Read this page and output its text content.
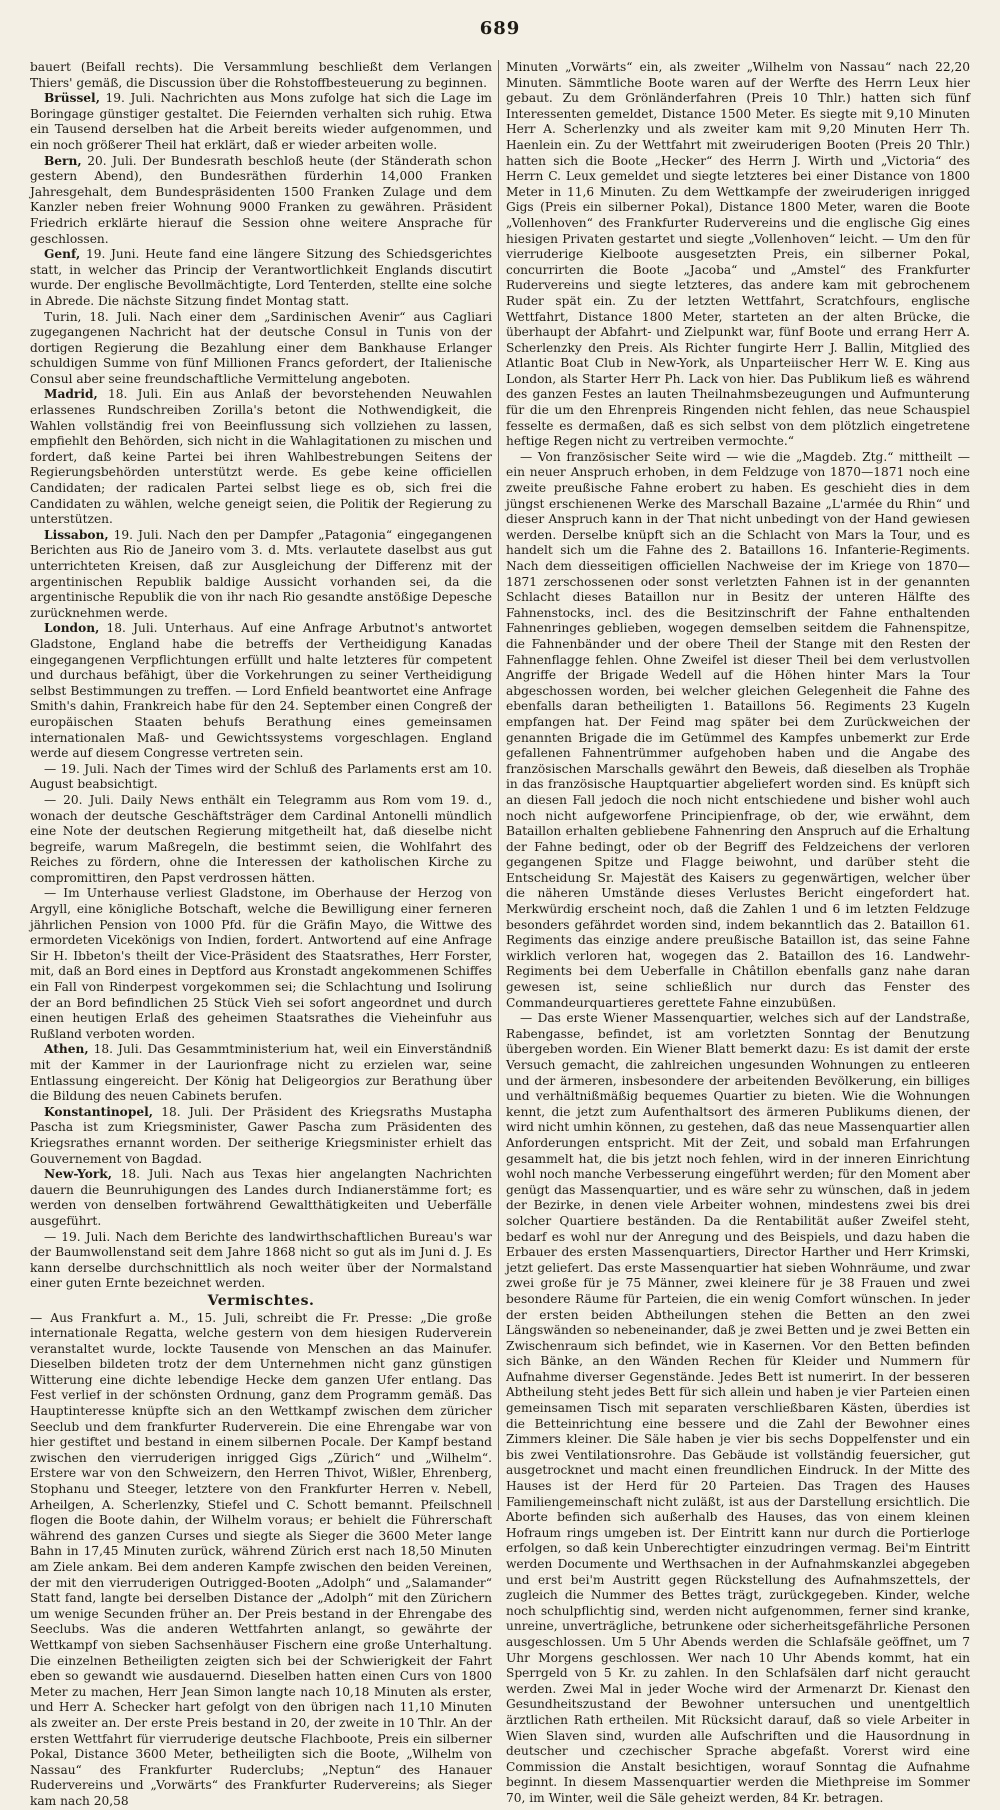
689

bauert (Beifall rechts). Die Versammlung beschließt dem Verlangen Thiers' gemäß, die Discussion über die Rohstoffbesteuerung zu beginnen.

Brüssel, 19. Juli. Nachrichten aus Mons zufolge hat sich die Lage im Boringage günstiger gestaltet. Die Feiernden verhalten sich ruhig. Etwa ein Tausend derselben hat die Arbeit bereits wieder aufgenommen, und ein noch größerer Theil hat erklärt, daß er wieder arbeiten wolle.

Bern, 20. Juli. Der Bundesrath beschloß heute (der Ständerath schon gestern Abend), den Bundesräthen fürderhin 14,000 Franken Jahresgehalt, dem Bundespräsidenten 1500 Franken Zulage und dem Kanzler neben freier Wohnung 9000 Franken zu gewähren. Präsident Friedrich erklärte hierauf die Session ohne weitere Ansprache für geschlossen.

Genf, 19. Juni. Heute fand eine längere Sitzung des Schiedsgerichtes statt, in welcher das Princip der Verantwortlichkeit Englands discutirt wurde. Der englische Bevollmächtigte, Lord Tenterden, stellte eine solche in Abrede. Die nächste Sitzung findet Montag statt.

Turin, 18. Juli. Nach einer dem „Sardinischen Avenir“ aus Cagliari zugegangenen Nachricht hat der deutsche Consul in Tunis von der dortigen Regierung die Bezahlung einer dem Bankhause Erlanger schuldigen Summe von fünf Millionen Francs gefordert, der Italienische Consul aber seine freundschaftliche Vermittelung angeboten.

Madrid, 18. Juli. Ein aus Anlaß der bevorstehenden Neuwahlen erlassenes Rundschreiben Zorilla's betont die Nothwendigkeit, die Wahlen vollständig frei von Beeinflussung sich vollziehen zu lassen, empfiehlt den Behörden, sich nicht in die Wahlagitationen zu mischen und fordert, daß keine Partei bei ihren Wahlbestrebungen Seitens der Regierungsbehörden unterstützt werde. Es gebe keine officiellen Candidaten; der radicalen Partei selbst liege es ob, sich frei die Candidaten zu wählen, welche geneigt seien, die Politik der Regierung zu unterstützen.

Lissabon, 19. Juli. Nach den per Dampfer „Patagonia“ eingegangenen Berichten aus Rio de Janeiro vom 3. d. Mts. verlautete daselbst aus gut unterrichteten Kreisen, daß zur Ausgleichung der Differenz mit der argentinischen Republik baldige Aussicht vorhanden sei, da die argentinische Republik die von ihr nach Rio gesandte anstößige Depesche zurücknehmen werde.

London, 18. Juli. Unterhaus. Auf eine Anfrage Arbutnot's antwortet Gladstone, England habe die betreffs der Vertheidigung Kanadas eingegangenen Verpflichtungen erfüllt und halte letzteres für competent und durchaus befähigt, über die Vorkehrungen zu seiner Vertheidigung selbst Bestimmungen zu treffen. — Lord Enfield beantwortet eine Anfrage Smith's dahin, Frankreich habe für den 24. September einen Congreß der europäischen Staaten behufs Berathung eines gemeinsamen internationalen Maß- und Gewichtssystems vorgeschlagen. England werde auf diesem Congresse vertreten sein.

— 19. Juli. Nach der Times wird der Schluß des Parlaments erst am 10. August beabsichtigt.

— 20. Juli. Daily News enthält ein Telegramm aus Rom vom 19. d., wonach der deutsche Geschäftsträger dem Cardinal Antonelli mündlich eine Note der deutschen Regierung mitgetheilt hat, daß dieselbe nicht begreife, warum Maßregeln, die bestimmt seien, die Wohlfahrt des Reiches zu fördern, ohne die Interessen der katholischen Kirche zu compromittiren, den Papst verdrossen hätten.

— Im Unterhause verliest Gladstone, im Oberhause der Herzog von Argyll, eine königliche Botschaft, welche die Bewilligung einer ferneren jährlichen Pension von 1000 Pfd. für die Gräfin Mayo, die Wittwe des ermordeten Vicekönigs von Indien, fordert. Antwortend auf eine Anfrage Sir H. Ibbeton's theilt der Vice-Präsident des Staatsrathes, Herr Forster, mit, daß an Bord eines in Deptford aus Kronstadt angekommenen Schiffes ein Fall von Rinderpest vorgekommen sei; die Schlachtung und Isolirung der an Bord befindlichen 25 Stück Vieh sei sofort angeordnet und durch einen heutigen Erlaß des geheimen Staatsrathes die Vieheinfuhr aus Rußland verboten worden.

Athen, 18. Juli. Das Gesammtministerium hat, weil ein Einverständniß mit der Kammer in der Laurionfrage nicht zu erzielen war, seine Entlassung eingereicht. Der König hat Deligeorgios zur Berathung über die Bildung des neuen Cabinets berufen.

Konstantinopel, 18. Juli. Der Präsident des Kriegsraths Mustapha Pascha ist zum Kriegsminister, Gawer Pascha zum Präsidenten des Kriegsrathes ernannt worden. Der seitherige Kriegsminister erhielt das Gouvernement von Bagdad.

New-York, 18. Juli. Nach aus Texas hier angelangten Nachrichten dauern die Beunruhigungen des Landes durch Indianerstämme fort; es werden von denselben fortwährend Gewaltthätigkeiten und Ueberfälle ausgeführt.

— 19. Juli. Nach dem Berichte des landwirthschaftlichen Bureau's war der Baumwollenstand seit dem Jahre 1868 nicht so gut als im Juni d. J. Es kann derselbe durchschnittlich als noch weiter über der Normalstand einer guten Ernte bezeichnet werden.

Vermischtes.

— Aus Frankfurt a. M., 15. Juli, schreibt die Fr. Presse: „Die große internationale Regatta, welche gestern von dem hiesigen Ruderverein veranstaltet wurde, lockte Tausende von Menschen an das Mainufer. Dieselben bildeten trotz der dem Unternehmen nicht ganz günstigen Witterung eine dichte lebendige Hecke dem ganzen Ufer entlang. Das Fest verlief in der schönsten Ordnung, ganz dem Programm gemäß. Das Hauptinteresse knüpfte sich an den Wettkampf zwischen dem züricher Seeclub und dem frankfurter Ruderverein. Die eine Ehrengabe war von hier gestiftet und bestand in einem silbernen Pocale. Der Kampf bestand zwischen den vierruderigen inrigged Gigs „Zürich“ und „Wilhelm“. Erstere war von den Schweizern, den Herren Thivot, Wißler, Ehrenberg, Stophanu und Steeger, letztere von den Frankfurter Herren v. Nebell, Arheilgen, A. Scherlenzky, Stiefel und C. Schott bemannt. Pfeilschnell flogen die Boote dahin, der Wilhelm voraus; er behielt die Führerschaft während des ganzen Curses und siegte als Sieger die 3600 Meter lange Bahn in 17,45 Minuten zurück, während Zürich erst nach 18,50 Minuten am Ziele ankam. Bei dem anderen Kampfe zwischen den beiden Vereinen, der mit den vierruderigen Outrigged-Booten „Adolph“ und „Salamander“ Statt fand, langte bei derselben Distance der „Adolph“ mit den Zürichern um wenige Secunden früher an. Der Preis bestand in der Ehrengabe des Seeclubs. Was die anderen Wettfahrten anlangt, so gewährte der Wettkampf von sieben Sachsenhäuser Fischern eine große Unterhaltung. Die einzelnen Betheiligten zeigten sich bei der Schwierigkeit der Fahrt eben so gewandt wie ausdauernd. Dieselben hatten einen Curs von 1800 Meter zu machen, Herr Jean Simon langte nach 10,18 Minuten als erster, und Herr A. Schecker hart gefolgt von den übrigen nach 11,10 Minuten als zweiter an. Der erste Preis bestand in 20, der zweite in 10 Thlr. An der ersten Wettfahrt für vierruderige deutsche Flachboote, Preis ein silberner Pokal, Distance 3600 Meter, betheiligten sich die Boote, „Wilhelm von Nassau“ des Frankfurter Ruderclubs; „Neptun“ des Hanauer Rudervereins und „Vorwärts“ des Frankfurter Rudervereins; als Sieger kam nach 20,58

Minuten „Vorwärts“ ein, als zweiter „Wilhelm von Nassau“ nach 22,20 Minuten. Sämmtliche Boote waren auf der Werfte des Herrn Leux hier gebaut. Zu dem Grönländerfahren (Preis 10 Thlr.) hatten sich fünf Interessenten gemeldet, Distance 1500 Meter. Es siegte mit 9,10 Minuten Herr A. Scherlenzky und als zweiter kam mit 9,20 Minuten Herr Th. Haenlein ein. Zu der Wettfahrt mit zweiruderigen Booten (Preis 20 Thlr.) hatten sich die Boote „Hecker“ des Herrn J. Wirth und „Victoria“ des Herrn C. Leux gemeldet und siegte letzteres bei einer Distance von 1800 Meter in 11,6 Minuten. Zu dem Wettkampfe der zweiruderigen inrigged Gigs (Preis ein silberner Pokal), Distance 1800 Meter, waren die Boote „Vollenhoven“ des Frankfurter Rudervereins und die englische Gig eines hiesigen Privaten gestartet und siegte „Vollenhoven“ leicht. — Um den für vierruderige Kielboote ausgesetzten Preis, ein silberner Pokal, concurrirten die Boote „Jacoba“ und „Amstel“ des Frankfurter Rudervereins und siegte letzteres, das andere kam mit gebrochenem Ruder spät ein. Zu der letzten Wettfahrt, Scratchfours, englische Wettfahrt, Distance 1800 Meter, starteten an der alten Brücke, die überhaupt der Abfahrt- und Zielpunkt war, fünf Boote und errang Herr A. Scherlenzky den Preis. Als Richter fungirte Herr J. Ballin, Mitglied des Atlantic Boat Club in New-York, als Unparteiischer Herr W. E. King aus London, als Starter Herr Ph. Lack von hier. Das Publikum ließ es während des ganzen Festes an lauten Theilnahmsbezeugungen und Aufmunterung für die um den Ehrenpreis Ringenden nicht fehlen, das neue Schauspiel fesselte es dermaßen, daß es sich selbst von dem plötzlich eingetretene heftige Regen nicht zu vertreiben vermochte.“

— Von französischer Seite wird — wie die „Magdeb. Ztg.“ mittheilt — ein neuer Anspruch erhoben, in dem Feldzuge von 1870—1871 noch eine zweite preußische Fahne erobert zu haben. Es geschieht dies in dem jüngst erschienenen Werke des Marschall Bazaine „L'armée du Rhin“ und dieser Anspruch kann in der That nicht unbedingt von der Hand gewiesen werden. Derselbe knüpft sich an die Schlacht von Mars la Tour, und es handelt sich um die Fahne des 2. Bataillons 16. Infanterie-Regiments. Nach dem diesseitigen officiellen Nachweise der im Kriege von 1870—1871 zerschossenen oder sonst verletzten Fahnen ist in der genannten Schlacht dieses Bataillon nur in Besitz der unteren Hälfte des Fahnenstocks, incl. des die Besitzinschrift der Fahne enthaltenden Fahnenringes geblieben, wogegen demselben seitdem die Fahnenspitze, die Fahnenbänder und der obere Theil der Stange mit den Resten der Fahnenflagge fehlen. Ohne Zweifel ist dieser Theil bei dem verlustvollen Angriffe der Brigade Wedell auf die Höhen hinter Mars la Tour abgeschossen worden, bei welcher gleichen Gelegenheit die Fahne des ebenfalls daran betheiligten 1. Bataillons 56. Regiments 23 Kugeln empfangen hat. Der Feind mag später bei dem Zurückweichen der genannten Brigade die im Getümmel des Kampfes unbemerkt zur Erde gefallenen Fahnentrümmer aufgehoben haben und die Angabe des französischen Marschalls gewährt den Beweis, daß dieselben als Trophäe in das französische Hauptquartier abgeliefert worden sind. Es knüpft sich an diesen Fall jedoch die noch nicht entschiedene und bisher wohl auch noch nicht aufgeworfene Principienfrage, ob der, wie erwähnt, dem Bataillon erhalten gebliebene Fahnenring den Anspruch auf die Erhaltung der Fahne bedingt, oder ob der Begriff des Feldzeichens der verloren gegangenen Spitze und Flagge beiwohnt, und darüber steht die Entscheidung Sr. Majestät des Kaisers zu gegenwärtigen, welcher über die näheren Umstände dieses Verlustes Bericht eingefordert hat. Merkwürdig erscheint noch, daß die Zahlen 1 und 6 im letzten Feldzuge besonders gefährdet worden sind, indem bekanntlich das 2. Bataillon 61. Regiments das einzige andere preußische Bataillon ist, das seine Fahne wirklich verloren hat, wogegen das 2. Bataillon des 16. Landwehr-Regiments bei dem Ueberfalle in Châtillon ebenfalls ganz nahe daran gewesen ist, seine schließlich nur durch das Fenster des Commandeurquartieres gerettete Fahne einzubüßen.

— Das erste Wiener Massenquartier, welches sich auf der Landstraße, Rabengasse, befindet, ist am vorletzten Sonntag der Benutzung übergeben worden. Ein Wiener Blatt bemerkt dazu: Es ist damit der erste Versuch gemacht, die zahlreichen ungesunden Wohnungen zu entleeren und der ärmeren, insbesondere der arbeitenden Bevölkerung, ein billiges und verhältnißmäßig bequemes Quartier zu bieten. Wie die Wohnungen kennt, die jetzt zum Aufenthaltsort des ärmeren Publikums dienen, der wird nicht umhin können, zu gestehen, daß das neue Massenquartier allen Anforderungen entspricht. Mit der Zeit, und sobald man Erfahrungen gesammelt hat, die bis jetzt noch fehlen, wird in der inneren Einrichtung wohl noch manche Verbesserung eingeführt werden; für den Moment aber genügt das Massenquartier, und es wäre sehr zu wünschen, daß in jedem der Bezirke, in denen viele Arbeiter wohnen, mindestens zwei bis drei solcher Quartiere beständen. Da die Rentabilität außer Zweifel steht, bedarf es wohl nur der Anregung und des Beispiels, und dazu haben die Erbauer des ersten Massenquartiers, Director Harther und Herr Krimski, jetzt geliefert. Das erste Massenquartier hat sieben Wohnräume, und zwar zwei große für je 75 Männer, zwei kleinere für je 38 Frauen und zwei besondere Räume für Parteien, die ein wenig Comfort wünschen. In jeder der ersten beiden Abtheilungen stehen die Betten an den zwei Längswänden so nebeneinander, daß je zwei Betten und je zwei Betten ein Zwischenraum sich befindet, wie in Kasernen. Vor den Betten befinden sich Bänke, an den Wänden Rechen für Kleider und Nummern für Aufnahme diverser Gegenstände. Jedes Bett ist numerirt. In der besseren Abtheilung steht jedes Bett für sich allein und haben je vier Parteien einen gemeinsamen Tisch mit separaten verschließbaren Kästen, überdies ist die Betteinrichtung eine bessere und die Zahl der Bewohner eines Zimmers kleiner. Die Säle haben je vier bis sechs Doppelfenster und ein bis zwei Ventilationsrohre. Das Gebäude ist vollständig feuersicher, gut ausgetrocknet und macht einen freundlichen Eindruck. In der Mitte des Hauses ist der Herd für 20 Parteien. Das Tragen des Hauses Familiengemeinschaft nicht zuläßt, ist aus der Darstellung ersichtlich. Die Aborte befinden sich außerhalb des Hauses, das von einem kleinen Hofraum rings umgeben ist. Der Eintritt kann nur durch die Portierloge erfolgen, so daß kein Unberechtigter einzudringen vermag. Bei'm Eintritt werden Documente und Werthsachen in der Aufnahmskanzlei abgegeben und erst bei'm Austritt gegen Rückstellung des Aufnahmszettels, der zugleich die Nummer des Bettes trägt, zurückgegeben. Kinder, welche noch schulpflichtig sind, werden nicht aufgenommen, ferner sind kranke, unreine, unverträgliche, betrunkene oder sicherheitsgefährliche Personen ausgeschlossen. Um 5 Uhr Abends werden die Schlafsäle geöffnet, um 7 Uhr Morgens geschlossen. Wer nach 10 Uhr Abends kommt, hat ein Sperrgeld von 5 Kr. zu zahlen. In den Schlafsälen darf nicht geraucht werden. Zwei Mal in jeder Woche wird der Armenarzt Dr. Kienast den Gesundheitszustand der Bewohner untersuchen und unentgeltlich ärztlichen Rath ertheilen. Mit Rücksicht darauf, daß so viele Arbeiter in Wien Slaven sind, wurden alle Aufschriften und die Hausordnung in deutscher und czechischer Sprache abgefaßt. Vorerst wird eine Commission die Anstalt besichtigen, worauf Sonntag die Aufnahme beginnt. In diesem Massenquartier werden die Miethpreise im Sommer 70, im Winter, weil die Säle geheizt werden, 84 Kr. betragen.
